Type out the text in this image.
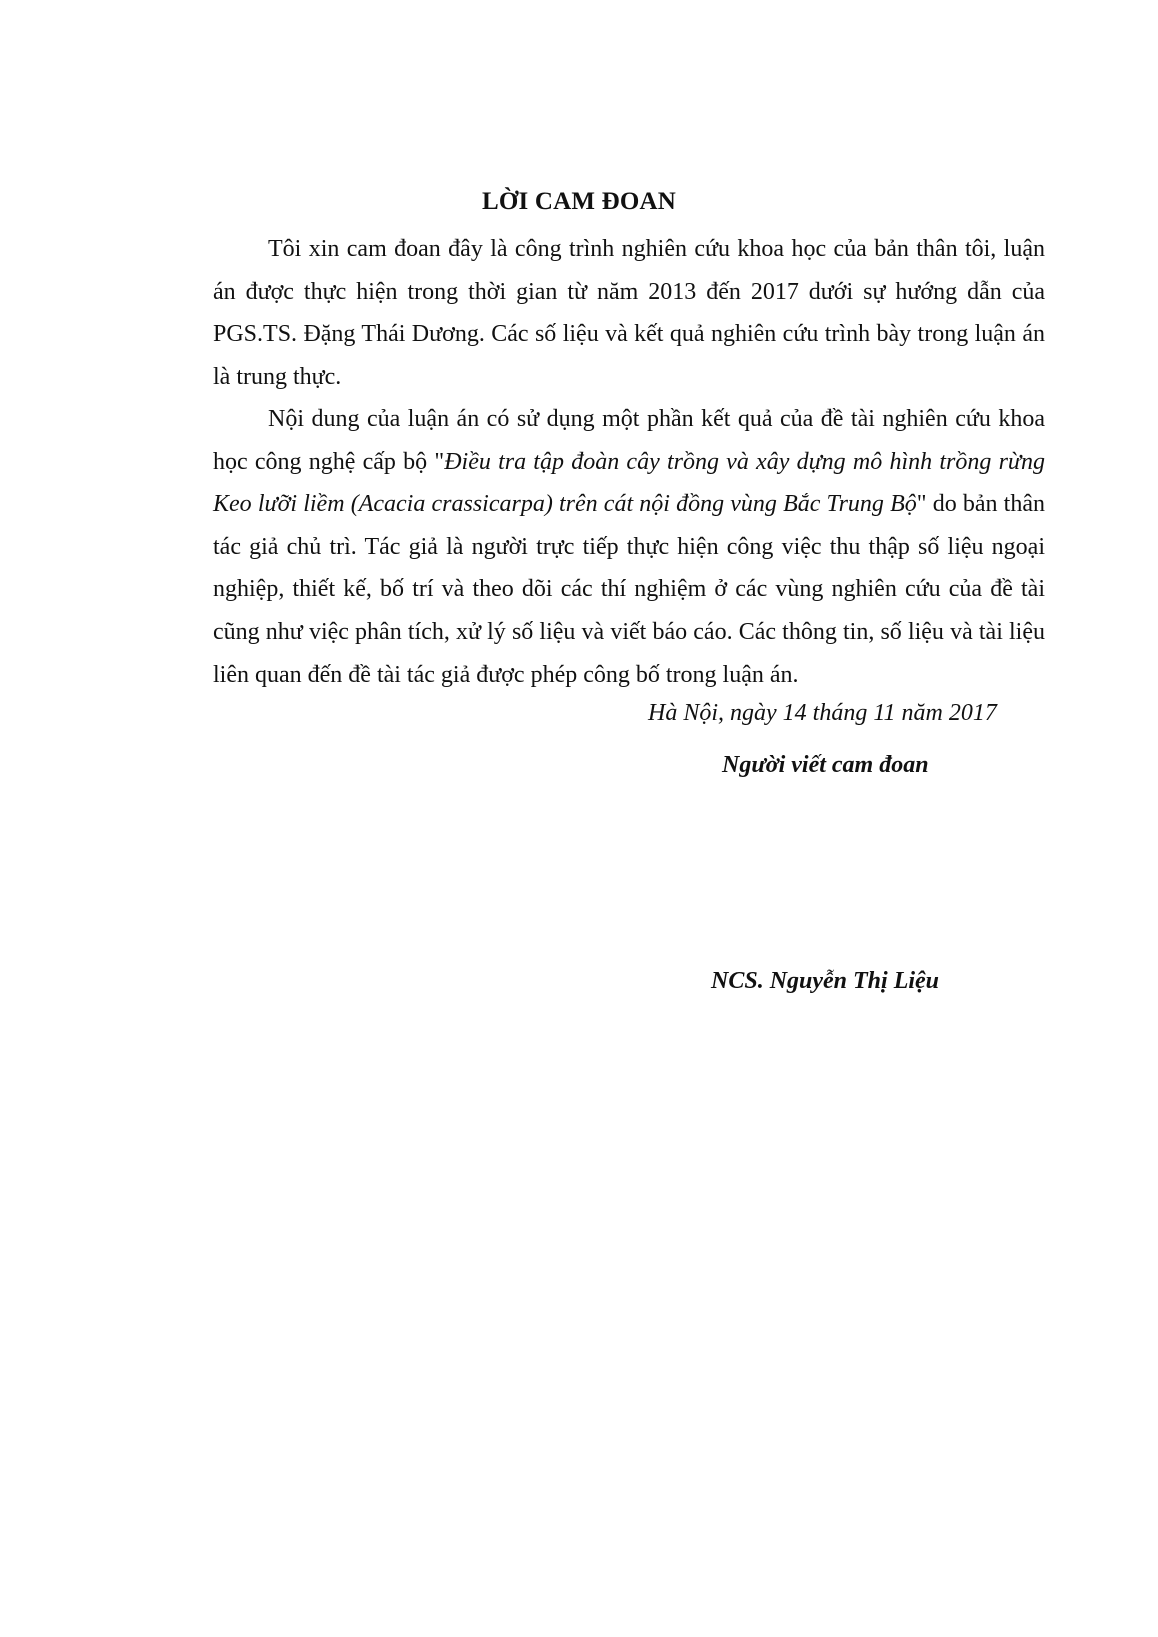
LỜI CAM ĐOAN

Tôi xin cam đoan đây là công trình nghiên cứu khoa học của bản thân tôi, luận án được thực hiện trong thời gian từ năm 2013 đến 2017 dưới sự hướng dẫn của PGS.TS. Đặng Thái Dương. Các số liệu và kết quả nghiên cứu trình bày trong luận án là trung thực.

Nội dung của luận án có sử dụng một phần kết quả của đề tài nghiên cứu khoa học công nghệ cấp bộ "Điều tra tập đoàn cây trồng và xây dựng mô hình trồng rừng Keo lưỡi liềm (Acacia crassicarpa) trên cát nội đồng vùng Bắc Trung Bộ" do bản thân tác giả chủ trì. Tác giả là người trực tiếp thực hiện công việc thu thập số liệu ngoại nghiệp, thiết kế, bố trí và theo dõi các thí nghiệm ở các vùng nghiên cứu của đề tài cũng như việc phân tích, xử lý số liệu và viết báo cáo. Các thông tin, số liệu và tài liệu liên quan đến đề tài tác giả được phép công bố trong luận án.

Hà Nội, ngày 14 tháng 11 năm 2017
Người viết cam đoan
NCS. Nguyễn Thị Liệu
